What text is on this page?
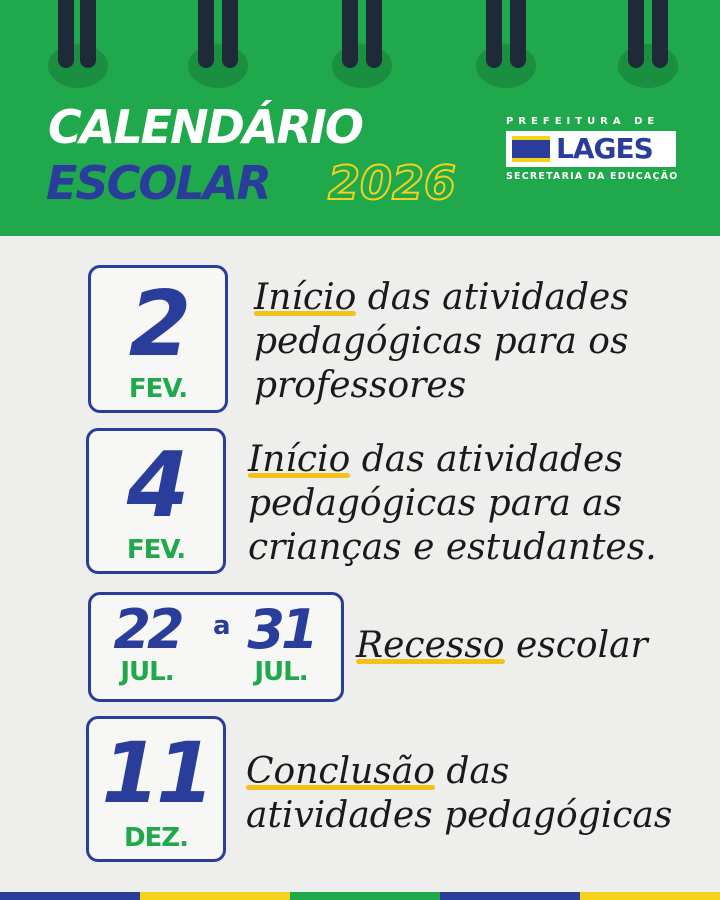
CALENDÁRIO
ESCOLAR 2026
PREFEITURA DE
LAGES
SECRETARIA DA EDUCAÇÃO
2
FEV.
Início das atividades
pedagógicas para os
professores
4
FEV.
Início das atividades
pedagógicas para as
crianças e estudantes.
22
JUL.
a 31
JUL.
Recesso escolar
11
DEZ.
Conclusão das
atividades pedagógicas
